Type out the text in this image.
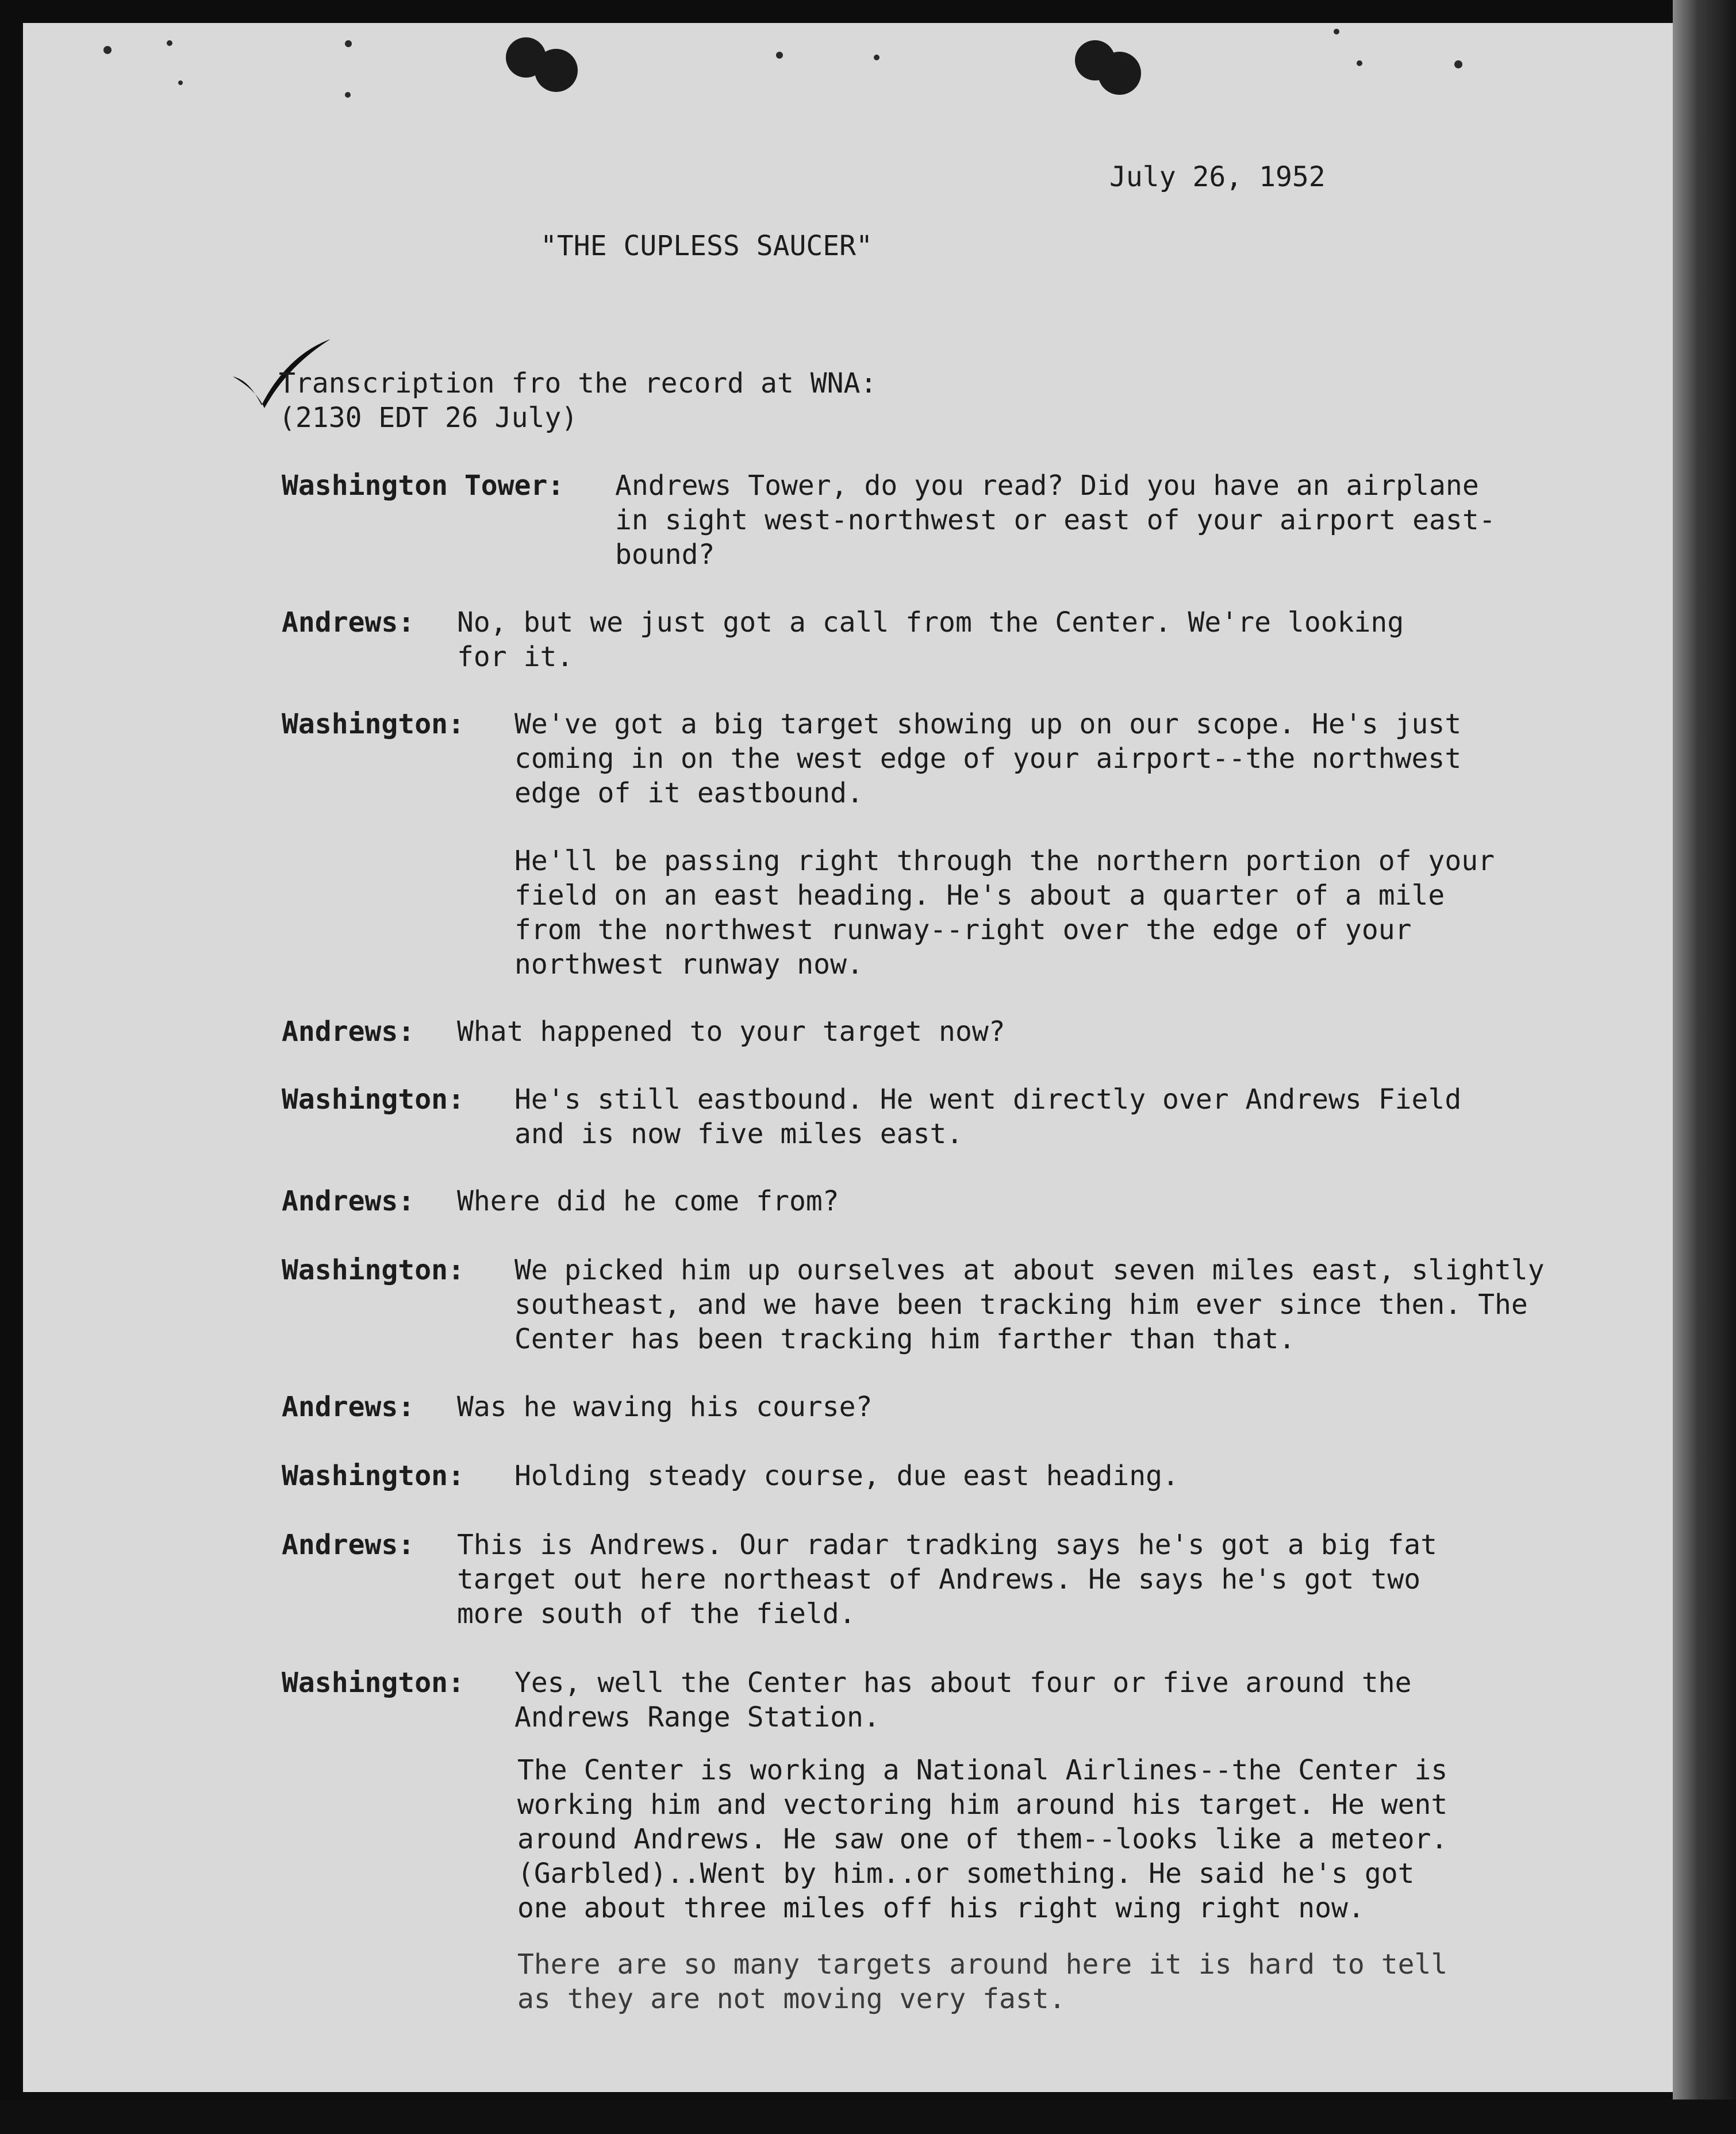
July 26, 1952
"THE CUPLESS SAUCER"
Transcription fro the record at WNA:
(2130 EDT 26 July)
Washington Tower: Andrews Tower, do you read? Did you have an airplane
in sight west-northwest or east of your airport east-
bound?
Andrews: No, but we just got a call from the Center. We're looking
for it.
Washington: We've got a big target showing up on our scope. He's just
coming in on the west edge of your airport--the northwest
edge of it eastbound.
He'll be passing right through the northern portion of your
field on an east heading. He's about a quarter of a mile
from the northwest runway--right over the edge of your
northwest runway now.
Andrews: What happened to your target now?
Washington: He's still eastbound. He went directly over Andrews Field
and is now five miles east.
Andrews: Where did he come from?
Washington: We picked him up ourselves at about seven miles east, slightly
southeast, and we have been tracking him ever since then. The
Center has been tracking him farther than that.
Andrews: Was he waving his course?
Washington: Holding steady course, due east heading.
Andrews: This is Andrews. Our radar tradking says he's got a big fat
target out here northeast of Andrews. He says he's got two
more south of the field.
Washington: Yes, well the Center has about four or five around the
Andrews Range Station.
The Center is working a National Airlines--the Center is
working him and vectoring him around his target. He went
around Andrews. He saw one of them--looks like a meteor.
(Garbled)..Went by him..or something. He said he's got
one about three miles off his right wing right now.
There are so many targets around here it is hard to tell
as they are not moving very fast.
